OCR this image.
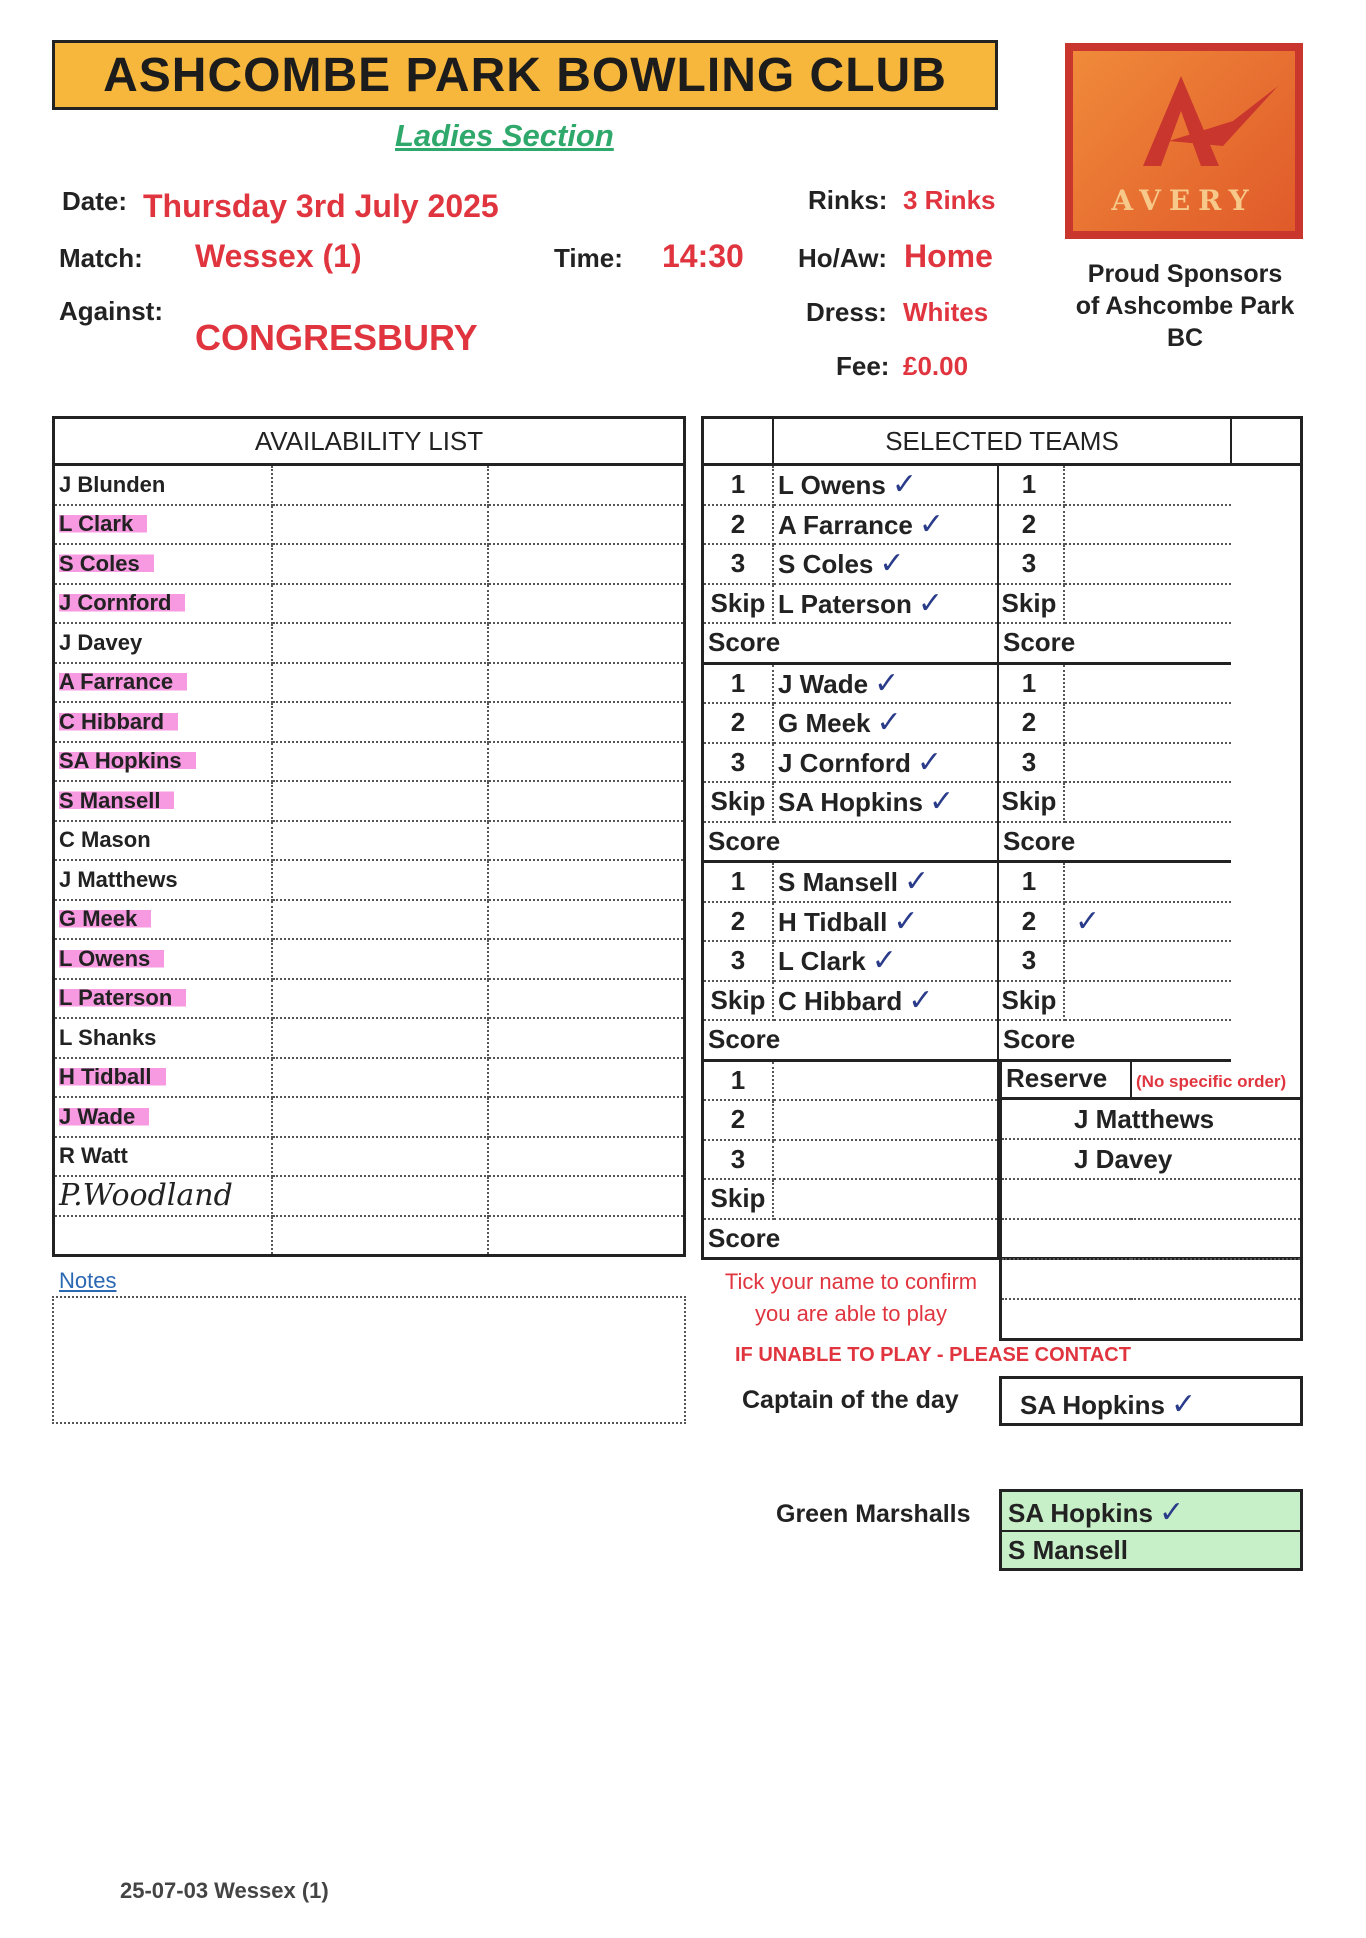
ASHCOMBE PARK BOWLING CLUB
Ladies Section
AVERY
Proud Sponsors
of Ashcombe Park
BC
Date: Thursday 3rd July 2025
Match: Wessex (1)	Time: 14:30
Against:
CONGRESBURY
Rinks: 3 Rinks
Ho/Aw: Home
Dress: Whites
Fee: £0.00
AVAILABILITY LIST		
J Blunden		
L Clark		
S Coles		
J Cornford		
J Davey		
A Farrance		
C Hibbard		
SA Hopkins		
S Mansell		
C Mason		
J Matthews		
G Meek		
L Owens		
L Paterson		
L Shanks		
H Tidball		
J Wade		
R Watt		
P.Woodland		

	SELECTED TEAMS			
1	L Owens ✓	1		
2	A Farrance ✓	2		
3	S Coles ✓	3		
Skip	L Paterson ✓	Skip		
Score		Score		
1	J Wade ✓	1		
2	G Meek ✓	2		
3	J Cornford ✓	3		
Skip	SA Hopkins ✓	Skip		
Score		Score		
1	S Mansell ✓	1		
2	H Tidball ✓	2	✓	
3	L Clark ✓	3		
Skip	C Hibbard ✓	Skip		
Score		Score		
1				
2				
3				
Skip				
Score				
Reserve	(No specific order)
J Matthews
J Davey

Notes	Tick your name to confirm
you are able to play
IF UNABLE TO PLAY - PLEASE CONTACT
Captain of the day	SA Hopkins ✓
Green Marshalls SA Hopkins ✓
S Mansell
25-07-03 Wessex (1)
